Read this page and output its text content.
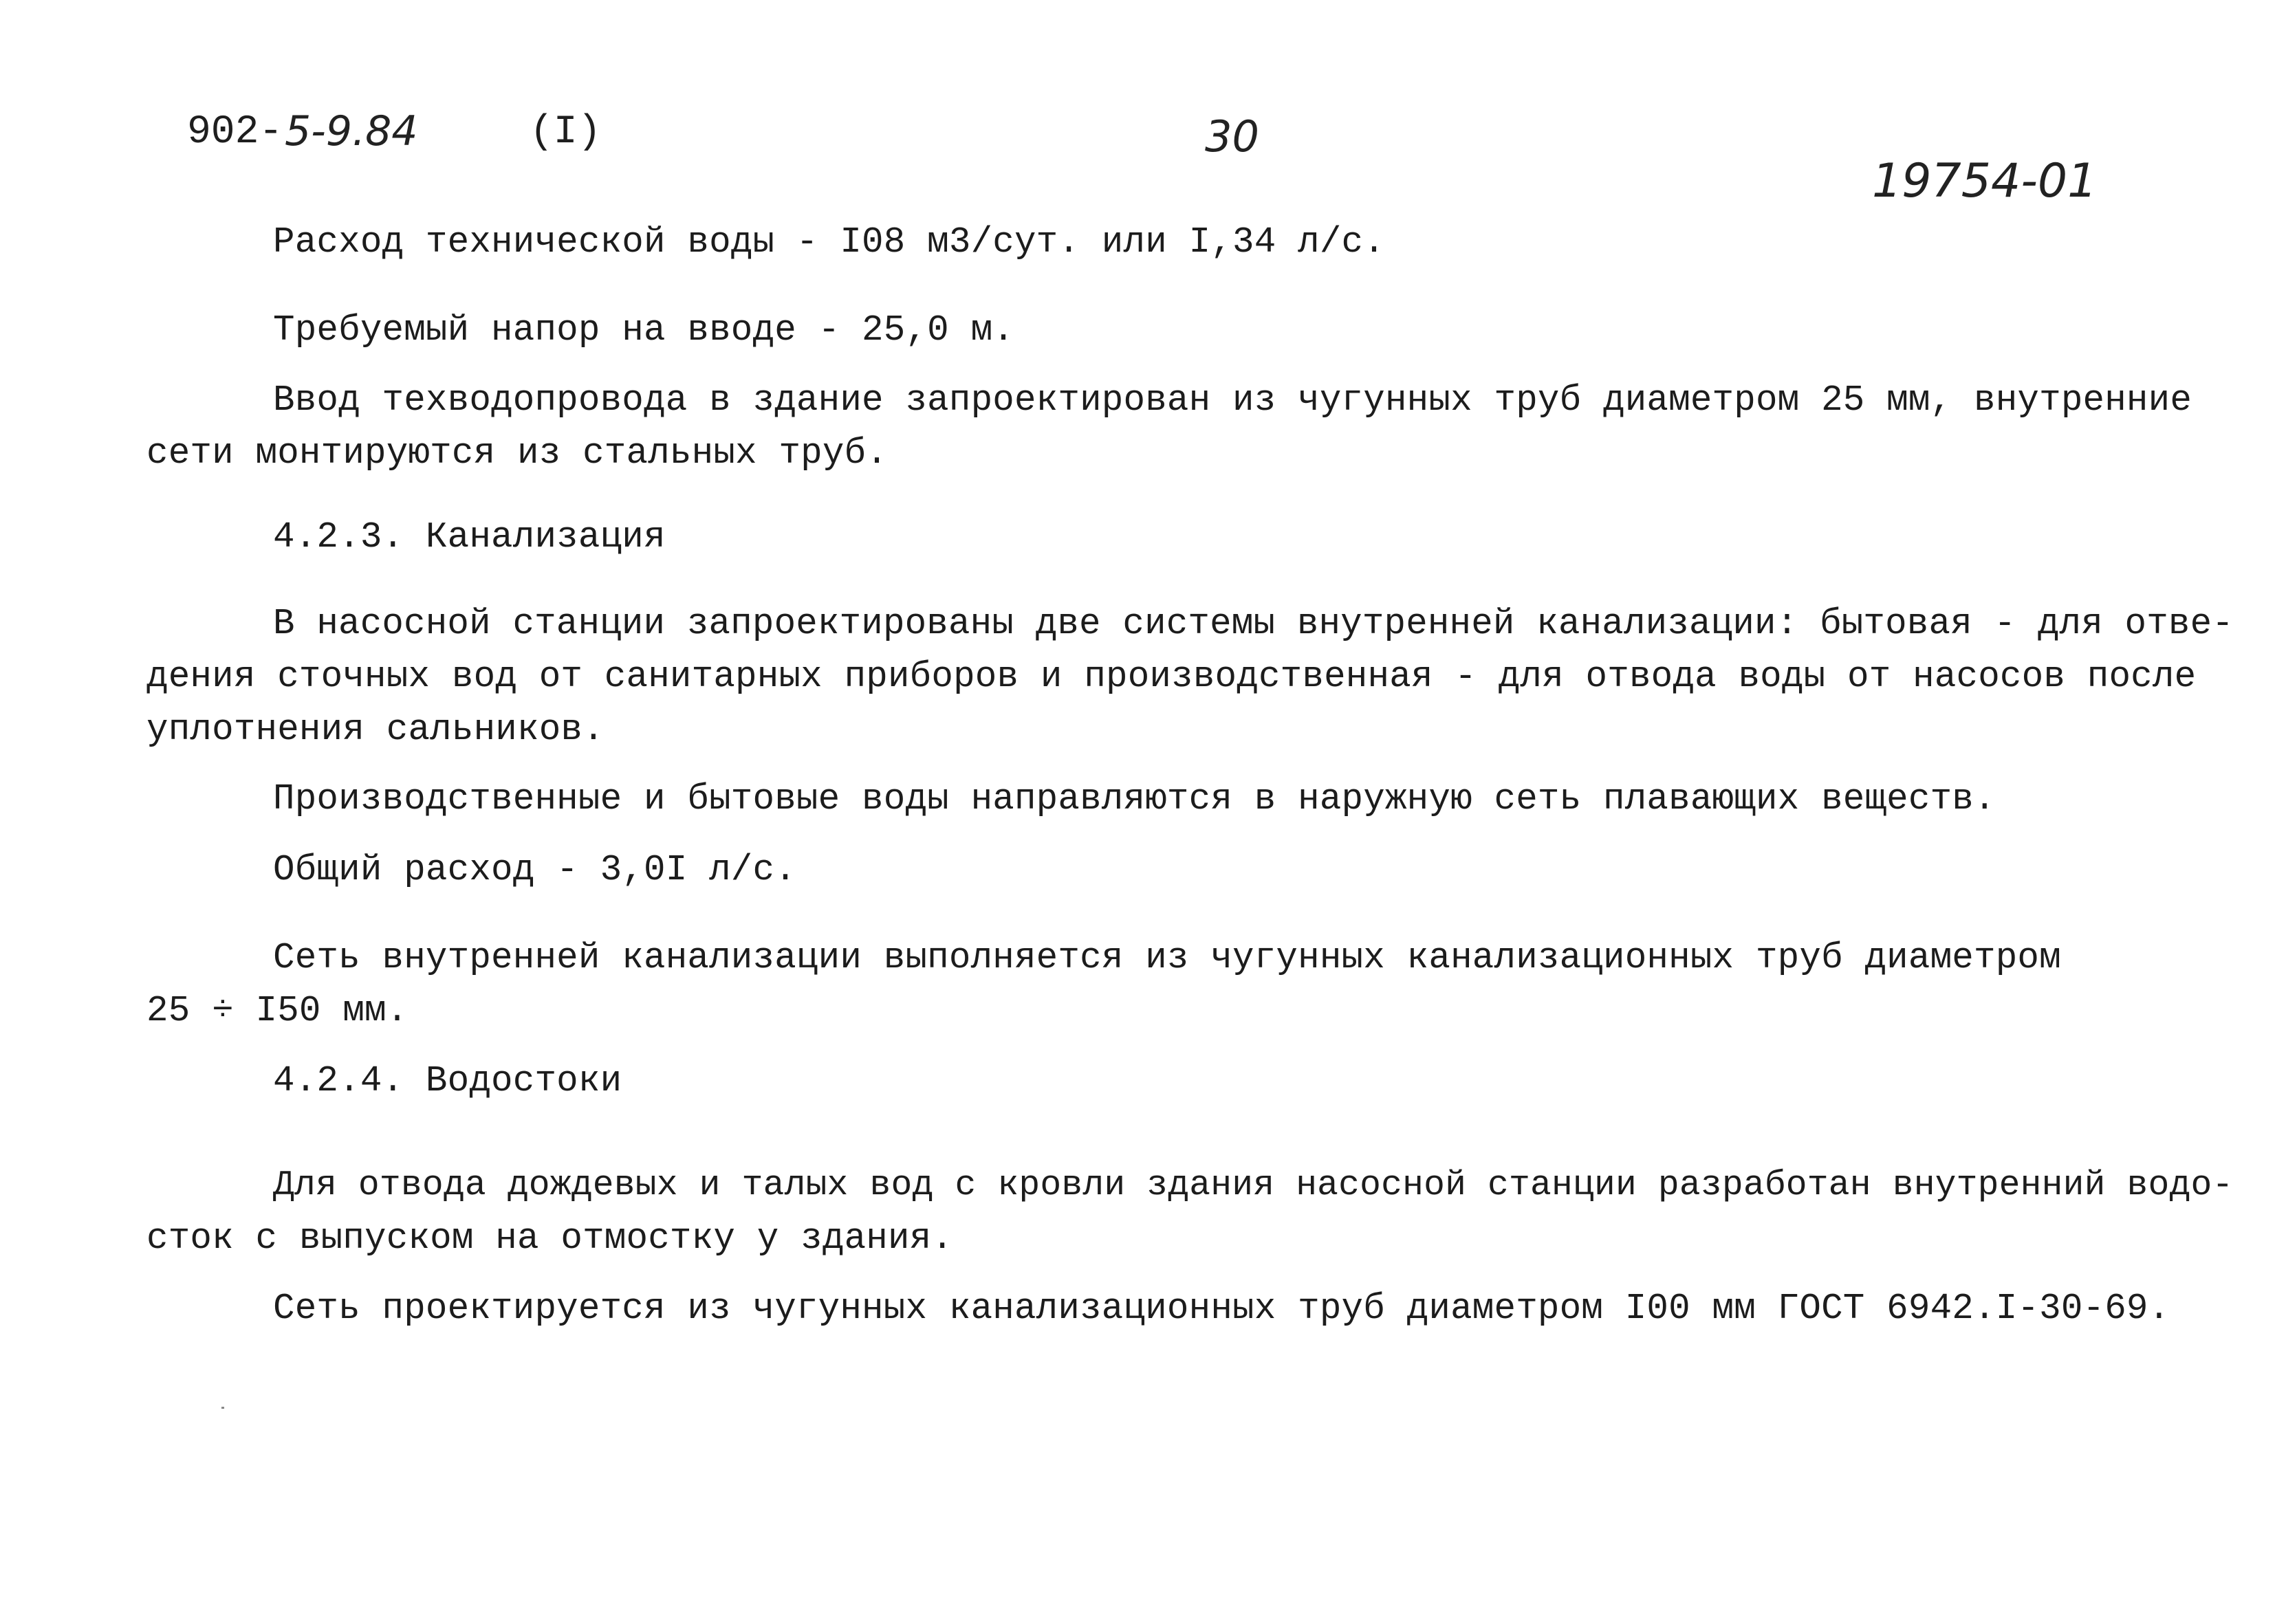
902- 5-9.84	(I)	30
19754-01
Расход технической воды - I08 м3/сут. или I,34 л/с.
Требуемый напор на вводе - 25,0 м.
Ввод техводопровода в здание запроектирован из чугунных труб диаметром 25 мм, внутренние
сети монтируются из стальных труб.
4.2.3. Канализация
В насосной станции запроектированы две системы внутренней канализации: бытовая - для отве-
дения сточных вод от санитарных приборов и производственная - для отвода воды от насосов после
уплотнения сальников.
Производственные и бытовые воды направляются в наружную сеть плавающих веществ.
Общий расход - 3,0I л/с.
Сеть внутренней канализации выполняется из чугунных канализационных труб диаметром
25 ÷ I50 мм.
4.2.4. Водостоки
Для отвода дождевых и талых вод с кровли здания насосной станции разработан внутренний водо-
сток с выпуском на отмостку у здания.
Сеть проектируется из чугунных канализационных труб диаметром I00 мм ГОСТ 6942.I-30-69.
